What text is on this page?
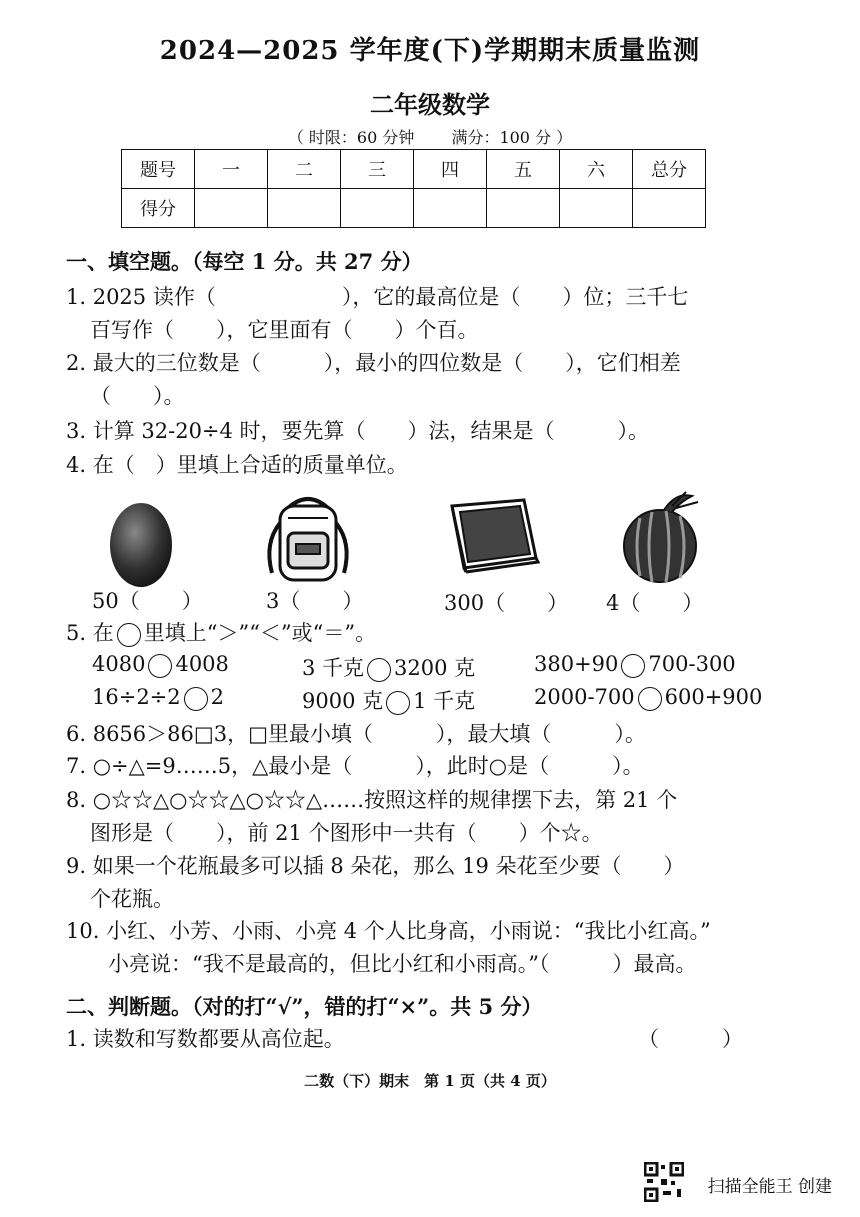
2024—2025 学年度(下)学期期末质量监测
二年级数学
（ 时限：60 分钟　　 满分：100 分 ）
题号	一	二	三	四	五	六	总分
得分							
一、填空题。（每空 1 分。共 27 分）
1. 2025 读作（　　　　　　），它的最高位是（　　）位；三千七
百写作（　　），它里面有（　　）个百。
2. 最大的三位数是（　　　），最小的四位数是（　　），它们相差
（　　）。
3. 计算 32-20÷4 时，要先算（　　）法，结果是（　　　）。
4. 在（　）里填上合适的质量单位。
50（　　）	3（　　）	300（　　） 4（　　）
5. 在 里填上“＞”“＜”或“＝”。
4080 4008	3 千克 3200 克	380+90 700-300
16÷2÷2 2	9000 克 1 千克	2000-700 600+900
6. 8656＞86□3，□里最小填（　　　），最大填（　　　）。
7. ○÷△=9……5，△最小是（　　　），此时○是（　　　）。
8. ○☆☆△○☆☆△○☆☆△……按照这样的规律摆下去，第 21 个
图形是（　　），前 21 个图形中一共有（　　）个☆。
9. 如果一个花瓶最多可以插 8 朵花，那么 19 朵花至少要（　　）
个花瓶。
10. 小红、小芳、小雨、小亮 4 个人比身高，小雨说：“我比小红高。”
小亮说：“我不是最高的，但比小红和小雨高。”（　　　）最高。
二、判断题。（对的打“√”，错的打“×”。共 5 分）
1. 读数和写数都要从高位起。	（　　　）
二数（下）期末　第 1 页（共 4 页）
扫描全能王 创建
